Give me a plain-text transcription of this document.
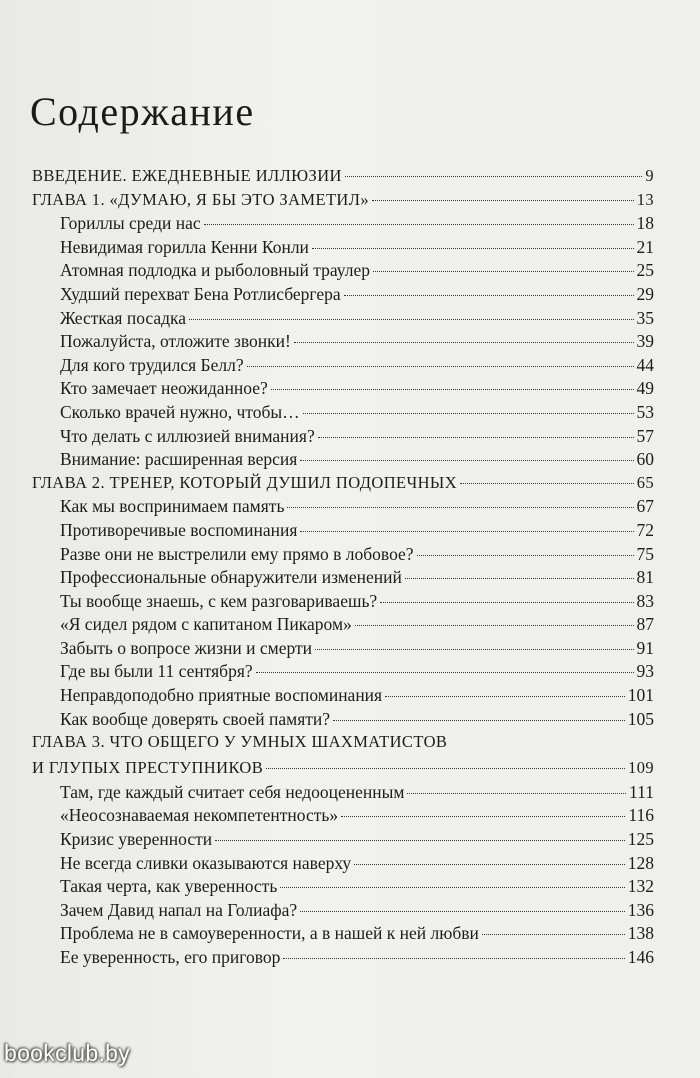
Содержание
ВВЕДЕНИЕ. ЕЖЕДНЕВНЫЕ ИЛЛЮЗИИ	9
ГЛАВА 1. «ДУМАЮ, Я БЫ ЭТО ЗАМЕТИЛ»	13
Гориллы среди нас	18
Невидимая горилла Кенни Конли	21
Атомная подлодка и рыболовный траулер	25
Худший перехват Бена Ротлисбергера	29
Жесткая посадка	35
Пожалуйста, отложите звонки!	39
Для кого трудился Белл?	44
Кто замечает неожиданное?	49
Сколько врачей нужно, чтобы…	53
Что делать с иллюзией внимания?	57
Внимание: расширенная версия	60
ГЛАВА 2. ТРЕНЕР, КОТОРЫЙ ДУШИЛ ПОДОПЕЧНЫХ	65
Как мы воспринимаем память	67
Противоречивые воспоминания	72
Разве они не выстрелили ему прямо в лобовое?	75
Профессиональные обнаружители изменений	81
Ты вообще знаешь, с кем разговариваешь?	83
«Я сидел рядом с капитаном Пикаром»	87
Забыть о вопросе жизни и смерти	91
Где вы были 11 сентября?	93
Неправдоподобно приятные воспоминания	101
Как вообще доверять своей памяти?	105
ГЛАВА 3. ЧТО ОБЩЕГО У УМНЫХ ШАХМАТИСТОВ
И ГЛУПЫХ ПРЕСТУПНИКОВ	109
Там, где каждый считает себя недооцененным	111
«Неосознаваемая некомпетентность»	116
Кризис уверенности	125
Не всегда сливки оказываются наверху	128
Такая черта, как уверенность	132
Зачем Давид напал на Голиафа?	136
Проблема не в самоуверенности, а в нашей к ней любви	138
Ее уверенность, его приговор	146
bookclub.by
